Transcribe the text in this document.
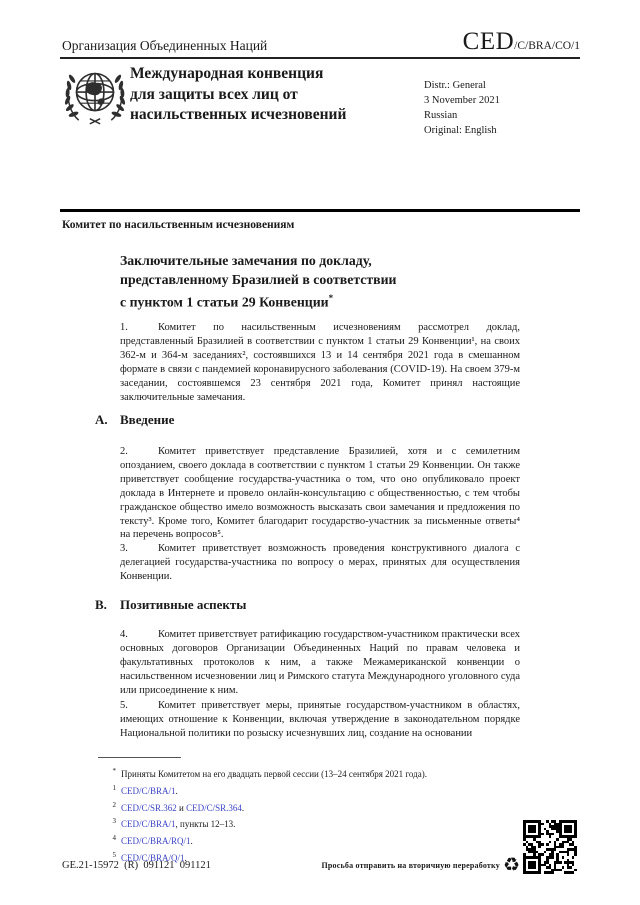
Организация Объединенных Наций	CED /C/BRA/CO/1
Международная конвенция
для защиты всех лиц от
насильственных исчезновений
Distr.: General
3 November 2021
Russian
Original: English
Комитет по насильственным исчезновениям
Заключительные замечания по докладу,
представленному Бразилией в соответствии
с пунктом 1 статьи 29 Конвенции*

1.	Комитет по насильственным исчезновениям рассмотрел доклад, представленный Бразилией в соответствии с пунктом 1 статьи 29 Конвенции¹, на своих 362-м и 364-м заседаниях², состоявшихся 13 и 14 сентября 2021 года в смешанном формате в связи с пандемией коронавирусного заболевания (COVID-19). На своем 379-м заседании, состоявшемся 23 сентября 2021 года, Комитет принял настоящие заключительные замечания.

A. Введение

2.	Комитет приветствует представление Бразилией, хотя и с семилетним опозданием, своего доклада в соответствии с пунктом 1 статьи 29 Конвенции. Он также приветствует сообщение государства-участника о том, что оно опубликовало проект доклада в Интернете и провело онлайн-консультацию с общественностью, с тем чтобы гражданское общество имело возможность высказать свои замечания и предложения по тексту³. Кроме того, Комитет благодарит государство-участник за письменные ответы⁴ на перечень вопросов⁵.

3.	Комитет приветствует возможность проведения конструктивного диалога с делегацией государства-участника по вопросу о мерах, принятых для осуществления Конвенции.

B. Позитивные аспекты

4.	Комитет приветствует ратификацию государством-участником практически всех основных договоров Организации Объединенных Наций по правам человека и факультативных протоколов к ним, а также Межамериканской конвенции о насильственном исчезновении лиц и Римского статута Международного уголовного суда или присоединение к ним.

5.	Комитет приветствует меры, принятые государством-участником в областях, имеющих отношение к Конвенции, включая утверждение в законодательном порядке Национальной политики по розыску исчезнувших лиц, создание на основании

* Приняты Комитетом на его двадцать первой сессии (13–24 сентября 2021 года).
1 CED/C/BRA/1.
2 CED/C/SR.362 и CED/C/SR.364.
3 CED/C/BRA/1, пункты 12–13.
4 CED/C/BRA/RQ/1.
5 CED/C/BRA/Q/1.
GE.21-15972  (R)  091121  091121	Просьба отправить на вторичную переработку ♻
